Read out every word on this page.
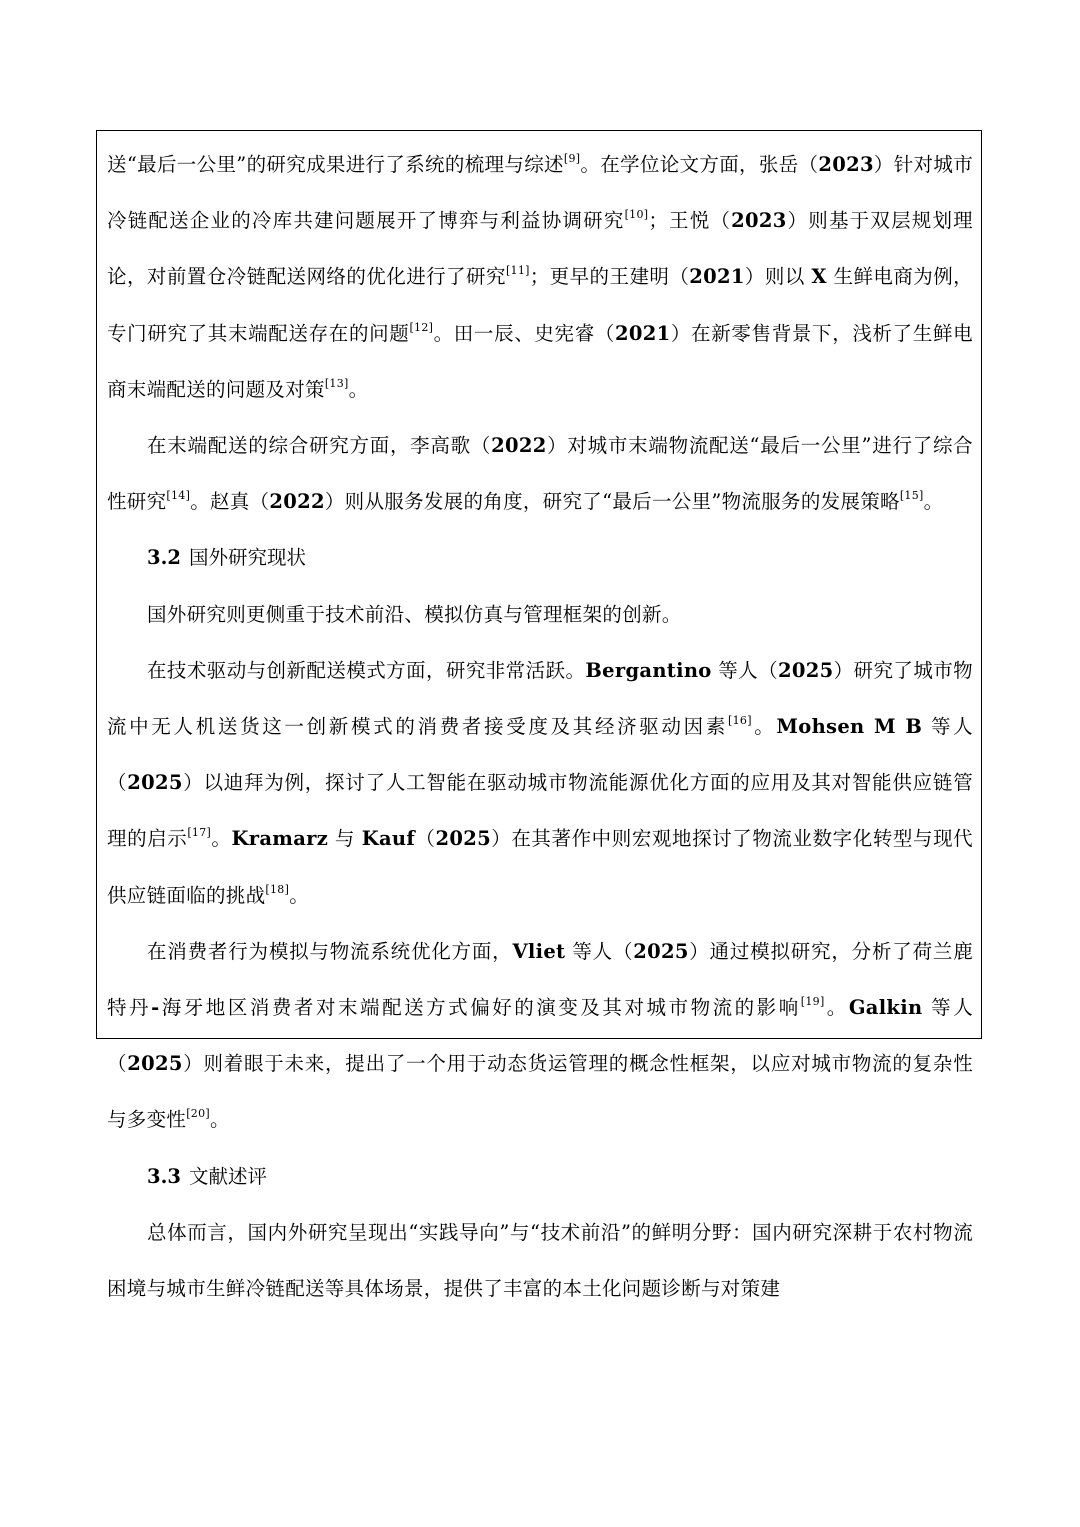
送“最后一公里”的研究成果进行了系统的梳理与综述[9]。在学位论文方面，张岳（2023）针对城市冷链配送企业的冷库共建问题展开了博弈与利益协调研究[10]；王悦（2023）则基于双层规划理论，对前置仓冷链配送网络的优化进行了研究[11]；更早的王建明（2021）则以 X 生鲜电商为例，专门研究了其末端配送存在的问题[12]。田一辰、史宪睿（2021）在新零售背景下，浅析了生鲜电商末端配送的问题及对策[13]。

在末端配送的综合研究方面，李高歌（2022）对城市末端物流配送“最后一公里”进行了综合性研究[14]。赵真（2022）则从服务发展的角度，研究了“最后一公里”物流服务的发展策略[15]。

3.2 国外研究现状

国外研究则更侧重于技术前沿、模拟仿真与管理框架的创新。

在技术驱动与创新配送模式方面，研究非常活跃。Bergantino 等人（2025）研究了城市物流中无人机送货这一创新模式的消费者接受度及其经济驱动因素[16]。Mohsen M B 等人（2025）以迪拜为例，探讨了人工智能在驱动城市物流能源优化方面的应用及其对智能供应链管理的启示[17]。Kramarz 与 Kauf（2025）在其著作中则宏观地探讨了物流业数字化转型与现代供应链面临的挑战[18]。

在消费者行为模拟与物流系统优化方面，Vliet 等人（2025）通过模拟研究，分析了荷兰鹿特丹-海牙地区消费者对末端配送方式偏好的演变及其对城市物流的影响[19]。Galkin 等人（2025）则着眼于未来，提出了一个用于动态货运管理的概念性框架，以应对城市物流的复杂性与多变性[20]。

3.3 文献述评

总体而言，国内外研究呈现出“实践导向”与“技术前沿”的鲜明分野：国内研究深耕于农村物流困境与城市生鲜冷链配送等具体场景，提供了丰富的本土化问题诊断与对策建
